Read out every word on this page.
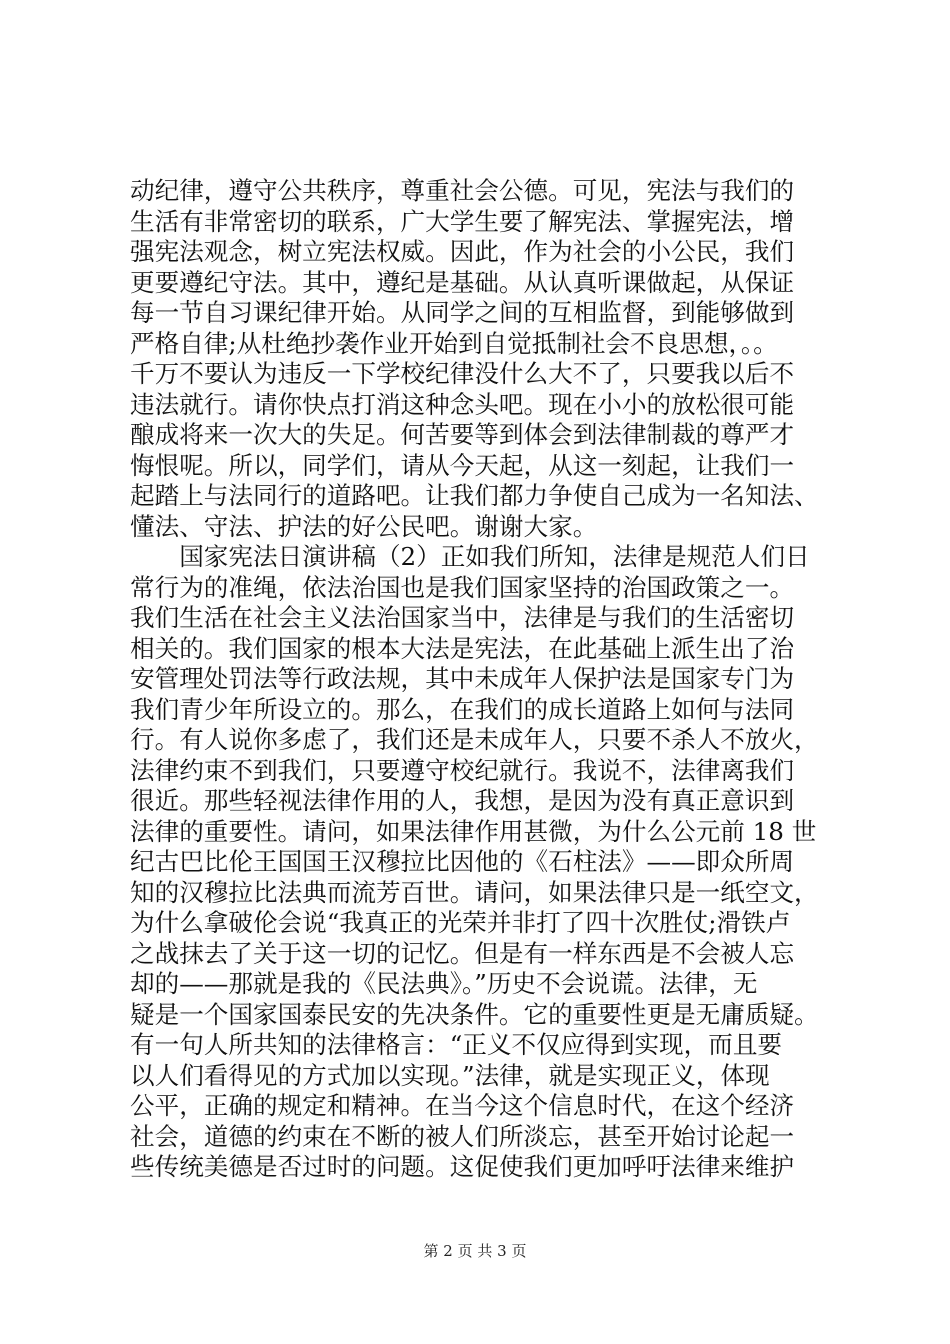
动纪律，遵守公共秩序，尊重社会公德。可见，宪法与我们的
生活有非常密切的联系，广大学生要了解宪法、掌握宪法，增
强宪法观念，树立宪法权威。因此，作为社会的小公民，我们
更要遵纪守法。其中，遵纪是基础。从认真听课做起，从保证
每一节自习课纪律开始。从同学之间的互相监督，到能够做到
严格自律;从杜绝抄袭作业开始到自觉抵制社会不良思想，。。
千万不要认为违反一下学校纪律没什么大不了，只要我以后不
违法就行。请你快点打消这种念头吧。现在小小的放松很可能
酿成将来一次大的失足。何苦要等到体会到法律制裁的尊严才
悔恨呢。所以，同学们，请从今天起，从这一刻起，让我们一
起踏上与法同行的道路吧。让我们都力争使自己成为一名知法、
懂法、守法、护法的好公民吧。谢谢大家。
　　国家宪法日演讲稿（2）正如我们所知，法律是规范人们日
常行为的准绳，依法治国也是我们国家坚持的治国政策之一。
我们生活在社会主义法治国家当中，法律是与我们的生活密切
相关的。我们国家的根本大法是宪法，在此基础上派生出了治
安管理处罚法等行政法规，其中未成年人保护法是国家专门为
我们青少年所设立的。那么，在我们的成长道路上如何与法同
行。有人说你多虑了，我们还是未成年人，只要不杀人不放火，
法律约束不到我们，只要遵守校纪就行。我说不，法律离我们
很近。那些轻视法律作用的人，我想，是因为没有真正意识到
法律的重要性。请问，如果法律作用甚微，为什么公元前 18 世
纪古巴比伦王国国王汉穆拉比因他的《石柱法》——即众所周
知的汉穆拉比法典而流芳百世。请问，如果法律只是一纸空文，
为什么拿破伦会说“我真正的光荣并非打了四十次胜仗;滑铁卢
之战抹去了关于这一切的记忆。但是有一样东西是不会被人忘
却的——那就是我的《民法典》。”历史不会说谎。法律，无
疑是一个国家国泰民安的先决条件。它的重要性更是无庸质疑。
有一句人所共知的法律格言：“正义不仅应得到实现，而且要
以人们看得见的方式加以实现。”法律，就是实现正义，体现
公平，正确的规定和精神。在当今这个信息时代，在这个经济
社会，道德的约束在不断的被人们所淡忘，甚至开始讨论起一
些传统美德是否过时的问题。这促使我们更加呼吁法律来维护
第 2 页 共 3 页
